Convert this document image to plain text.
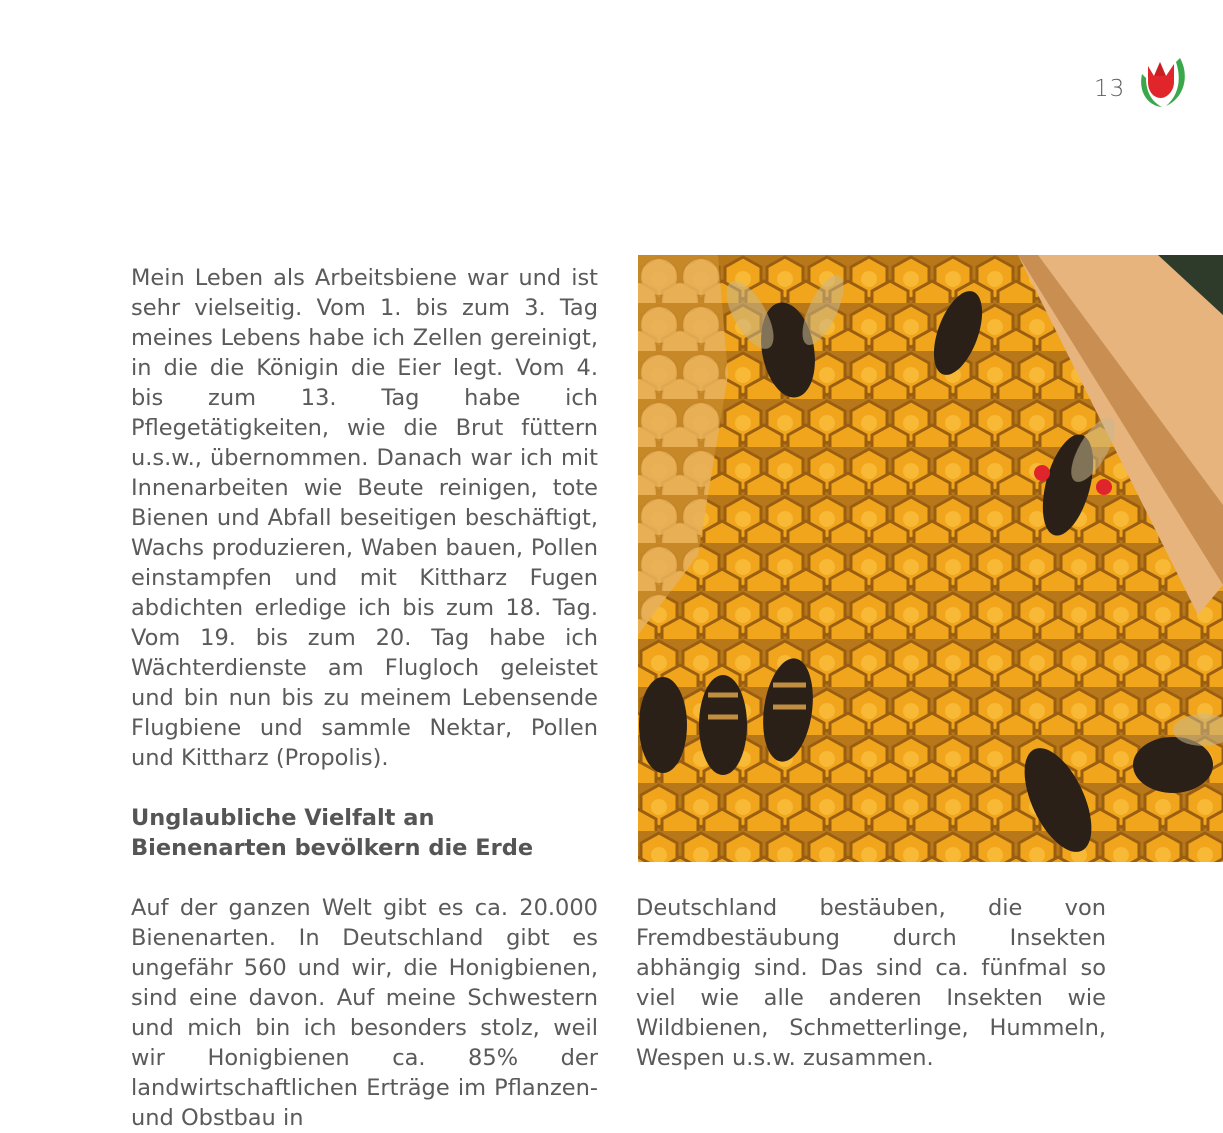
13

Mein Leben als Arbeitsbiene war und ist sehr vielseitig. Vom 1. bis zum 3. Tag meines Lebens habe ich Zellen gereinigt, in die die Königin die Eier legt. Vom 4. bis zum 13. Tag habe ich Pflegetätigkeiten, wie die Brut füttern u.s.w., übernommen. Danach war ich mit Innenarbeiten wie Beute reinigen, tote Bienen und Abfall beseitigen beschäftigt, Wachs produzieren, Waben bauen, Pollen einstampfen und mit Kittharz Fugen abdichten erledige ich bis zum 18. Tag. Vom 19. bis zum 20. Tag habe ich Wächterdienste am Flugloch geleistet und bin nun bis zu meinem Lebensende Flugbiene und sammle Nektar, Pollen und Kittharz (Propolis).

Unglaubliche Vielfalt an Bienenarten bevölkern die Erde

Auf der ganzen Welt gibt es ca. 20.000 Bienenarten. In Deutschland gibt es ungefähr 560 und wir, die Honigbienen, sind eine davon. Auf meine Schwestern und mich bin ich besonders stolz, weil wir Honigbienen ca. 85% der landwirtschaftlichen Erträge im Pflanzen- und Obstbau in

Deutschland bestäuben, die von Fremdbestäubung durch Insekten abhängig sind. Das sind ca. fünfmal so viel wie alle anderen Insekten wie Wildbienen, Schmetterlinge, Hummeln, Wespen u.s.w. zusammen.
